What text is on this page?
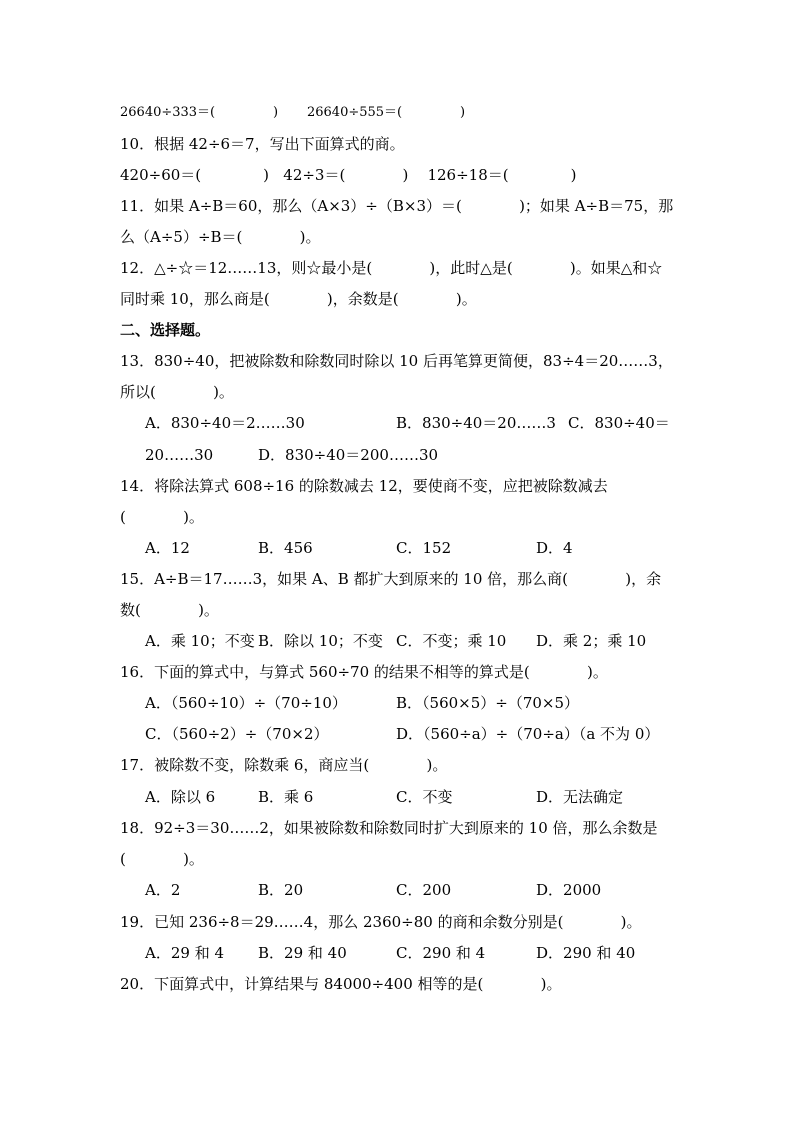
26640÷333＝(              )       26640÷555＝(              )
10．根据 42÷6＝7，写出下面算式的商。
420÷60＝(             )   42÷3＝(            )    126÷18＝(             )
11．如果 A÷B＝60，那么（A×3）÷（B×3）＝(            )；如果 A÷B＝75，那
么（A÷5）÷B＝(            )。
12．△÷☆＝12……13，则☆最小是(            )，此时△是(            )。如果△和☆
同时乘 10，那么商是(            )，余数是(            )。
二、选择题。
13．830÷40，把被除数和除数同时除以 10 后再笔算更简便，83÷4＝20……3，
所以(            )。
A．830÷40＝2……30	B．830÷40＝20……3 C．830÷40＝
20……30	D．830÷40＝200……30
14．将除法算式 608÷16 的除数减去 12，要使商不变，应把被除数减去
(            )。
A．12	B．456	C．152	D．4
15．A÷B＝17……3，如果 A、B 都扩大到原来的 10 倍，那么商(            )，余
数(            )。
A．乘 10；不变 B．除以 10；不变 C．不变；乘 10 D．乘 2；乘 10
16．下面的算式中，与算式 560÷70 的结果不相等的算式是(            )。
A．（560÷10）÷（70÷10）	B．（560×5）÷（70×5）
C．（560÷2）÷（70×2）	D．（560÷a）÷（70÷a）（a 不为 0）
17．被除数不变，除数乘 6，商应当(            )。
A．除以 6	B．乘 6	C．不变	D．无法确定
18．92÷3＝30……2，如果被除数和除数同时扩大到原来的 10 倍，那么余数是
(            )。
A．2	B．20	C．200	D．2000
19．已知 236÷8＝29……4，那么 2360÷80 的商和余数分别是(            )。
A．29 和 4 B．29 和 40	C．290 和 4	D．290 和 40
20．下面算式中，计算结果与 84000÷400 相等的是(            )。
